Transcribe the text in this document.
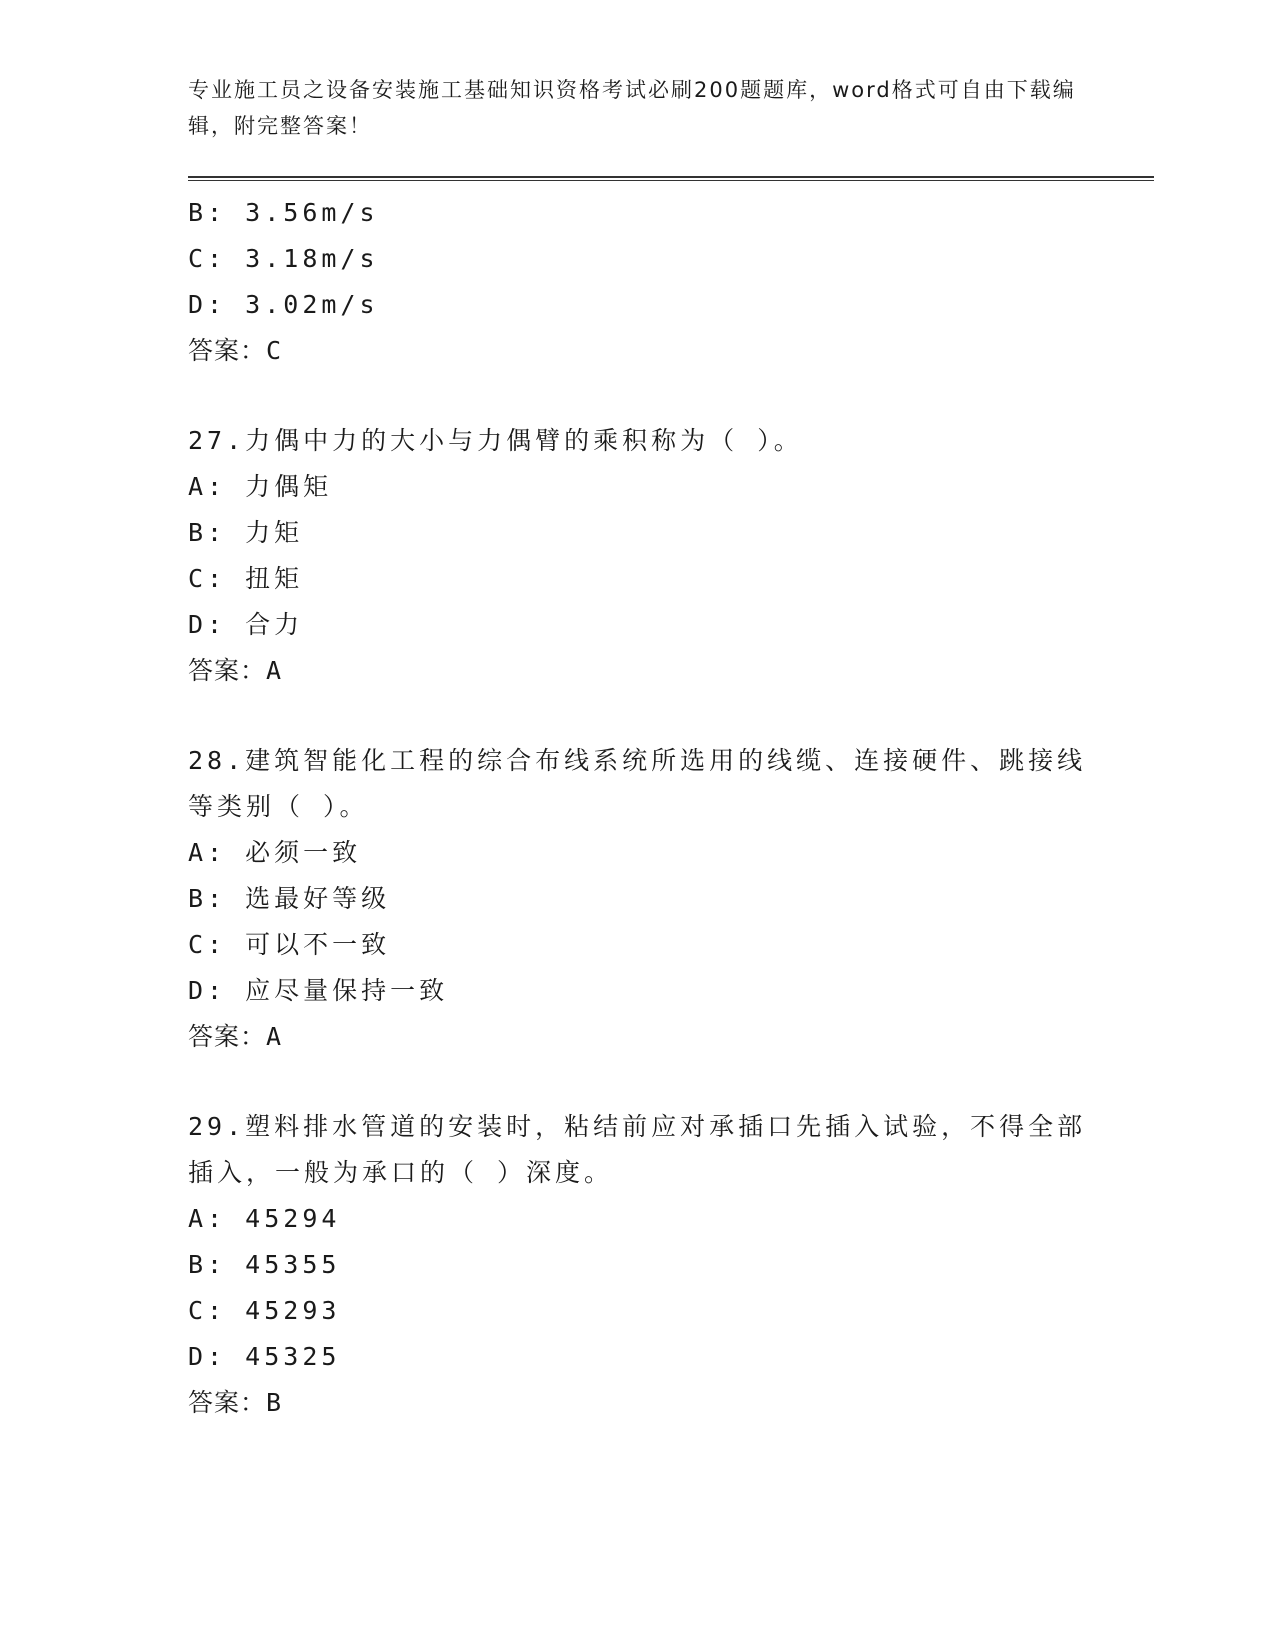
专业施工员之设备安装施工基础知识资格考试必刷200题题库，word格式可自由下载编辑，附完整答案！
B: 3.56m/s
C: 3.18m/s
D: 3.02m/s
答案：C
27.力偶中力的大小与力偶臂的乘积称为（ ）。
A: 力偶矩
B: 力矩
C: 扭矩
D: 合力
答案：A
28.建筑智能化工程的综合布线系统所选用的线缆、连接硬件、跳接线
等类别（ ）。
A: 必须一致
B: 选最好等级
C: 可以不一致
D: 应尽量保持一致
答案：A
29.塑料排水管道的安装时，粘结前应对承插口先插入试验，不得全部
插入，一般为承口的（ ）深度。
A: 45294
B: 45355
C: 45293
D: 45325
答案：B
